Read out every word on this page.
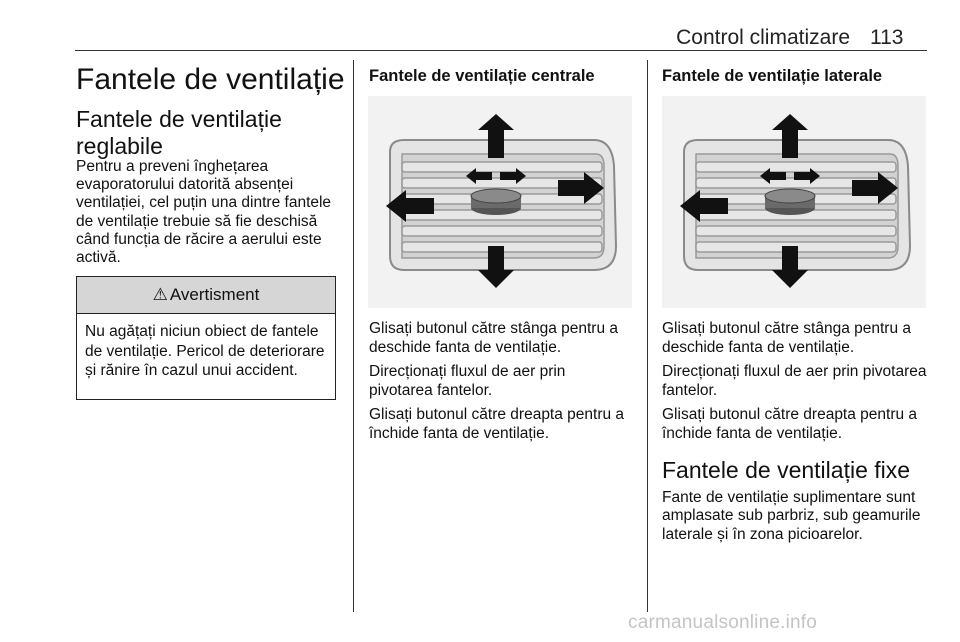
Control climatizare 113
Fantele de ventilație
Fantele de ventilație reglabile
Pentru a preveni înghețarea evaporatorului datorită absenței ventilației, cel puțin una dintre fantele de ventilație trebuie să fie deschisă când funcția de răcire a aerului este activă.
⚠ Avertisment
Nu agățați niciun obiect de fantele de ventilație. Pericol de deteriorare și rănire în cazul unui accident.
Fantele de ventilație centrale

Glisați butonul către stânga pentru a deschide fanta de ventilație.

Direcționați fluxul de aer prin pivotarea fantelor.

Glisați butonul către dreapta pentru a închide fanta de ventilație.

Fantele de ventilație laterale

Glisați butonul către stânga pentru a deschide fanta de ventilație.

Direcționați fluxul de aer prin pivotarea fantelor.

Glisați butonul către dreapta pentru a închide fanta de ventilație.

Fantele de ventilație fixe
Fante de ventilație suplimentare sunt amplasate sub parbriz, sub geamurile laterale și în zona picioarelor.
carmanualsonline.info
